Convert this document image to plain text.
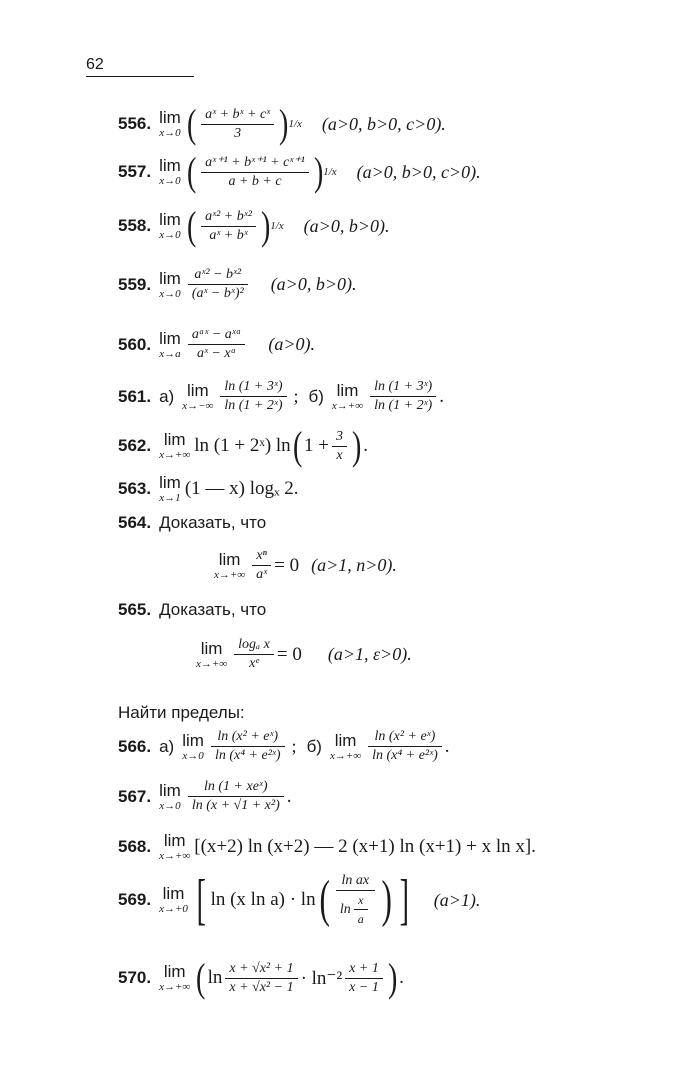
62
556. lim
x→0 ( $\frac{\text{aˣ + bˣ + cˣ}}{3}$ ) 1/x (a>0, b>0, c>0).
557. lim
x→0 ( $\frac{\text{aˣ⁺¹ + bˣ⁺¹ + cˣ⁺¹}}{a + b + c}$ ) 1/x (a>0, b>0, c>0).
558. lim
x→0 ( $\frac{\text{aˣ² + bˣ²}}{\text{aˣ + bˣ}}$ ) 1/x (a>0, b>0).
559. lim
$x\to 0 \frac{\text{aˣ² − bˣ²}}{\text{(aˣ − bˣ)²}} (a>0$, b>0).
560. lim
$x\to a \frac{\text{aᵃˣ − aˣᵃ}}{\text{aˣ − xᵃ}} (a>0)$.
561. а) lim
$x\to-\infty \frac{\text{ln (1 + 3ˣ)}}{\text{ln (1 + 2ˣ)}}$ ; б) lim
$x\to+\infty \frac{\text{ln (1 + 3ˣ)}}{\text{ln (1 + 2ˣ)}}$ .
562. lim
x→+∞ ln (1 + 2ˣ) ln ( $1 + \frac{3}{x}$ ) .
563. lim
x→1 (1 — x) logₓ 2.
564. Доказать, что
lim
$x\to+\infty \frac{\text{xⁿ}}{\text{aˣ}} = 0$ (a>1, n>0).
565. Доказать, что
lim
$x\to+\infty \frac{\text{logₐ x}}{\text{xᵉ}} = 0$ (a>1, ε>0).
Найти пределы:
566. а) lim
$x\to 0 \frac{\text{ln (x² + eˣ)}}{\text{ln (x⁴ + e²ˣ)}}$ ; б) lim
$x\to+\infty \frac{\text{ln (x² + eˣ)}}{\text{ln (x⁴ + e²ˣ)}}$ .
567. lim
$x\to 0 \frac{\text{ln (1 + xeˣ)}}{\text{ln (x + √1 + x²)}}$ .
568. lim
x→+∞ [(x+2) ln (x+2) — 2 (x+1) ln (x+1) + x ln x].
569. lim
x→+0 [ ln (x ln a) · ln ( $\frac{\text{ln ax}}{\ln \frac{x}{a}}$ ) ] (a>1).
570. lim
x→+∞ ( $\ln \frac{\text{x + √x² + 1}}{\text{x + √x² − 1}} \cdot \ln^{-2} \frac{x + 1}{x - 1}$ ) .
